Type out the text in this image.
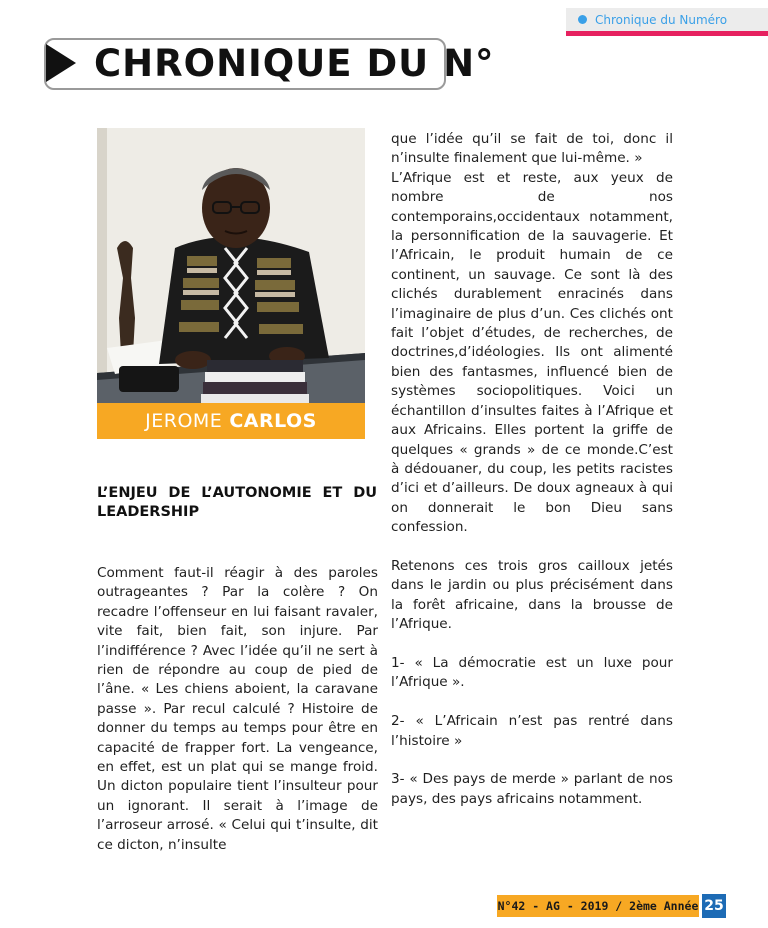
Chronique du Numéro
CHRONIQUE DU N°
JEROME CARLOS
L’ENJEU DE L’AUTONOMIE ET DU LEADERSHIP

Comment faut-il réagir à des paroles outrageantes ? Par la colère ? On recadre l’offenseur en lui faisant ravaler, vite fait, bien fait, son injure. Par l’indifférence ? Avec l’idée qu’il ne sert à rien de répondre au coup de pied de l’âne. « Les chiens aboient, la caravane passe ». Par recul calculé ? Histoire de donner du temps au temps pour être en capacité de frapper fort. La vengeance, en effet, est un plat qui se mange froid. Un dicton populaire tient l’insulteur pour un ignorant. Il serait à l’image de l’arroseur arrosé. « Celui qui t’insulte, dit ce dicton, n’insulte

que l’idée qu’il se fait de toi, donc il n’insulte finalement que lui-même. »

L’Afrique est et reste, aux yeux de nombre de nos contemporains,occidentaux notamment, la personnification de la sauvagerie. Et l’Africain, le produit humain de ce continent, un sauvage. Ce sont là des clichés durablement enracinés dans l’imaginaire de plus d’un. Ces clichés ont fait l’objet d’études, de recherches, de doctrines,d’idéologies. Ils ont alimenté bien des fantasmes, influencé bien de systèmes sociopolitiques. Voici un échantillon d’insultes faites à l’Afrique et aux Africains. Elles portent la griffe de quelques « grands » de ce monde.C’est à dédouaner, du coup, les petits racistes d’ici et d’ailleurs. De doux agneaux à qui on donnerait le bon Dieu sans confession.

Retenons ces trois gros cailloux jetés dans le jardin ou plus précisément dans la forêt africaine, dans la brousse de l’Afrique.

1- « La démocratie est un luxe pour l’Afrique ».

2- « L’Africain n’est pas rentré dans l’histoire »

3- « Des pays de merde » parlant de nos pays, des pays africains notamment.

N°42 - AG - 2019 / 2ème Année 25
